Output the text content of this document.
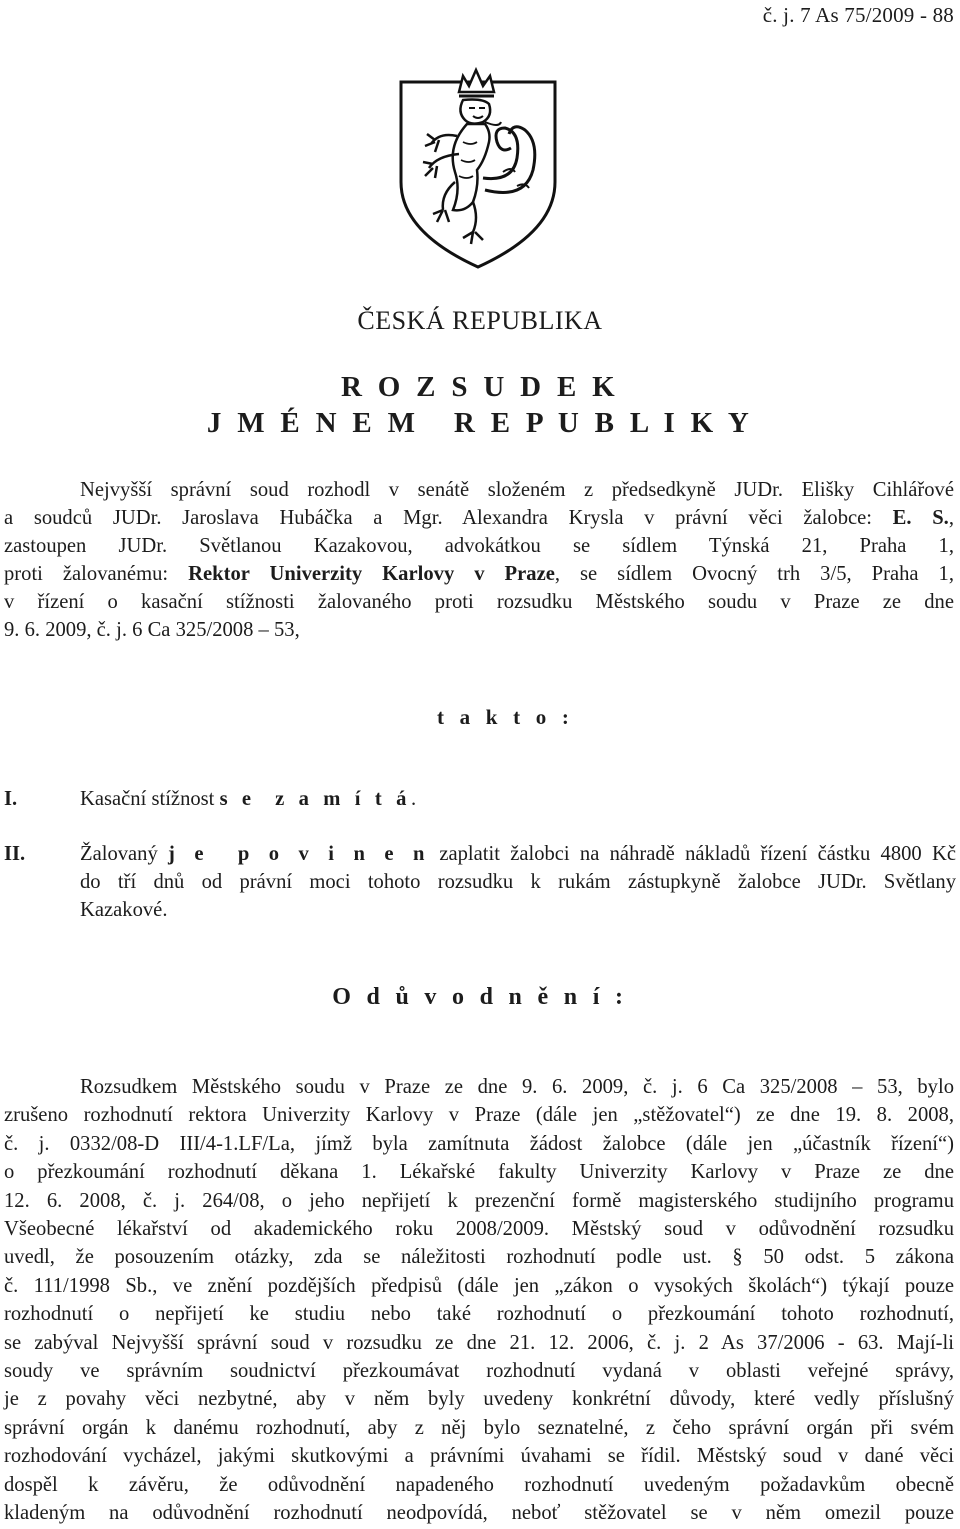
č. j. 7 As 75/2009 - 88
ČESKÁ REPUBLIKA
R O Z S U D E K
J M É N E M   R E P U B L I K Y
Nejvyšší správní soud rozhodl v senátě složeném z předsedkyně JUDr. Elišky Cihlářové
a soudců JUDr. Jaroslava Hubáčka a Mgr. Alexandra Krysla v právní věci žalobce: E. S.,
zastoupen JUDr. Světlanou Kazakovou, advokátkou se sídlem Týnská 21, Praha 1,
proti žalovanému: Rektor Univerzity Karlovy v Praze, se sídlem Ovocný trh 3/5, Praha 1,
v řízení o kasační stížnosti žalovaného proti rozsudku Městského soudu v Praze ze dne
9. 6. 2009, č. j. 6 Ca 325/2008 – 53,
t a k t o :
I.	Kasační stížnost s e  z a m í t á.
II.	Žalovaný j e  p o v i n e n zaplatit žalobci na náhradě nákladů řízení částku 4800 Kč
do tří dnů od právní moci tohoto rozsudku k rukám zástupkyně žalobce JUDr. Světlany
Kazakové.
O d ů v o d n ě n í :
Rozsudkem Městského soudu v Praze ze dne 9. 6. 2009, č. j. 6 Ca 325/2008 – 53, bylo
zrušeno rozhodnutí rektora Univerzity Karlovy v Praze (dále jen „stěžovatel“) ze dne 19. 8. 2008,
č. j. 0332/08-D III/4-1.LF/La, jímž byla zamítnuta žádost žalobce (dále jen „účastník řízení“)
o přezkoumání rozhodnutí děkana 1. Lékařské fakulty Univerzity Karlovy v Praze ze dne
12. 6. 2008, č. j. 264/08, o jeho nepřijetí k prezenční formě magisterského studijního programu
Všeobecné lékařství od akademického roku 2008/2009. Městský soud v odůvodnění rozsudku
uvedl, že posouzením otázky, zda se náležitosti rozhodnutí podle ust. § 50 odst. 5 zákona
č. 111/1998 Sb., ve znění pozdějších předpisů (dále jen „zákon o vysokých školách“) týkají pouze
rozhodnutí o nepřijetí ke studiu nebo také rozhodnutí o přezkoumání tohoto rozhodnutí,
se zabýval Nejvyšší správní soud v rozsudku ze dne 21. 12. 2006, č. j. 2 As 37/2006 - 63. Mají-li
soudy ve správním soudnictví přezkoumávat rozhodnutí vydaná v oblasti veřejné správy,
je z povahy věci nezbytné, aby v něm byly uvedeny konkrétní důvody, které vedly příslušný
správní orgán k danému rozhodnutí, aby z něj bylo seznatelné, z čeho správní orgán při svém
rozhodování vycházel, jakými skutkovými a právními úvahami se řídil. Městský soud v dané věci
dospěl k závěru, že odůvodnění napadeného rozhodnutí uvedeným požadavkům obecně
kladeným na odůvodnění rozhodnutí neodpovídá, neboť stěžovatel se v něm omezil pouze
